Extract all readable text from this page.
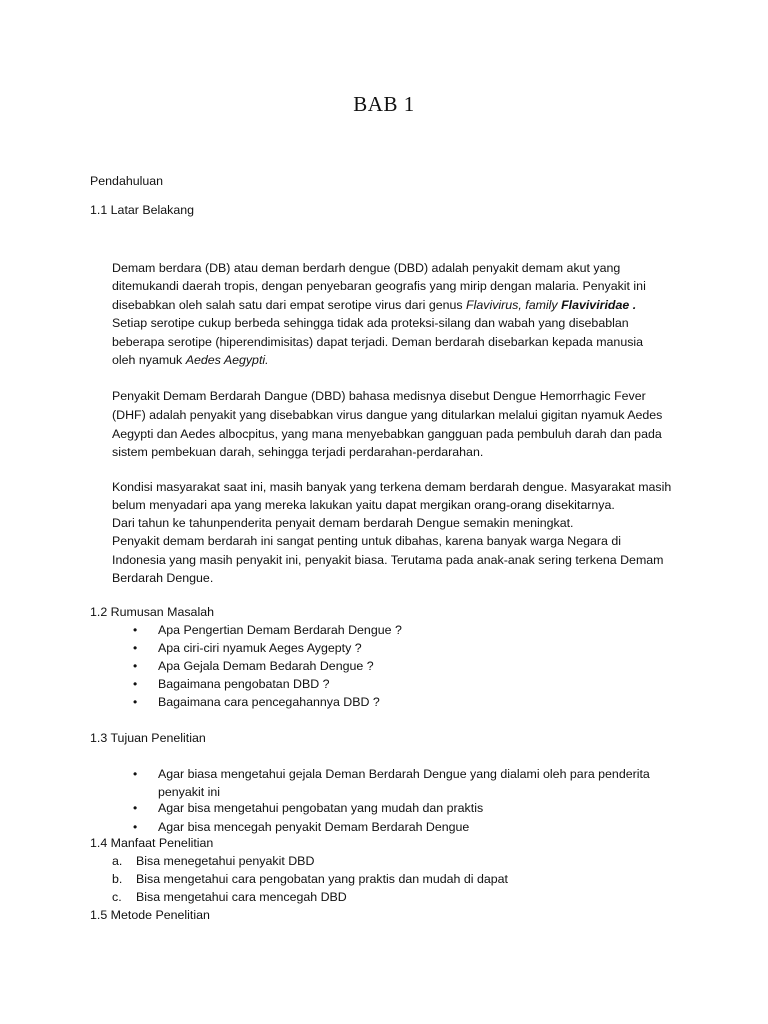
BAB 1
Pendahuluan
1.1 Latar Belakang
Demam berdara (DB) atau deman berdarh dengue (DBD) adalah penyakit demam akut yang
ditemukandi daerah tropis, dengan penyebaran geografis yang mirip dengan malaria. Penyakit ini
disebabkan oleh salah satu dari empat serotipe virus dari genus Flavivirus, family Flaviviridae .
Setiap serotipe cukup berbeda sehingga tidak ada proteksi-silang dan wabah yang disebablan
beberapa serotipe (hiperendimisitas) dapat terjadi. Deman berdarah disebarkan kepada manusia
oleh nyamuk Aedes Aegypti.
Penyakit Demam Berdarah Dangue (DBD) bahasa medisnya disebut Dengue Hemorrhagic Fever
(DHF) adalah penyakit yang disebabkan virus dangue yang ditularkan melalui gigitan nyamuk Aedes
Aegypti dan Aedes albocpitus, yang mana menyebabkan gangguan pada pembuluh darah dan pada
sistem pembekuan darah, sehingga terjadi perdarahan-perdarahan.
Kondisi masyarakat saat ini, masih banyak yang terkena demam berdarah dengue. Masyarakat masih
belum menyadari apa yang mereka lakukan yaitu dapat mergikan orang-orang disekitarnya.
Dari tahun ke tahunpenderita penyait demam berdarah Dengue semakin meningkat.
Penyakit demam berdarah ini sangat penting untuk dibahas, karena banyak warga Negara di
Indonesia yang masih penyakit ini, penyakit biasa. Terutama pada anak-anak sering terkena Demam
Berdarah Dengue.
1.2 Rumusan Masalah
• Apa Pengertian Demam Berdarah Dengue ?
• Apa ciri-ciri nyamuk Aeges Aygepty ?
• Apa Gejala Demam Bedarah Dengue ?
• Bagaimana pengobatan DBD ?
• Bagaimana cara pencegahannya DBD ?
1.3 Tujuan Penelitian
• Agar biasa mengetahui gejala Deman Berdarah Dengue yang dialami oleh para penderita
penyakit ini
• Agar bisa mengetahui pengobatan yang mudah dan praktis
• Agar bisa mencegah penyakit Demam Berdarah Dengue
1.4 Manfaat Penelitian
a. Bisa menegetahui penyakit DBD
b. Bisa mengetahui cara pengobatan yang praktis dan mudah di dapat
c. Bisa mengetahui cara mencegah DBD
1.5 Metode Penelitian
